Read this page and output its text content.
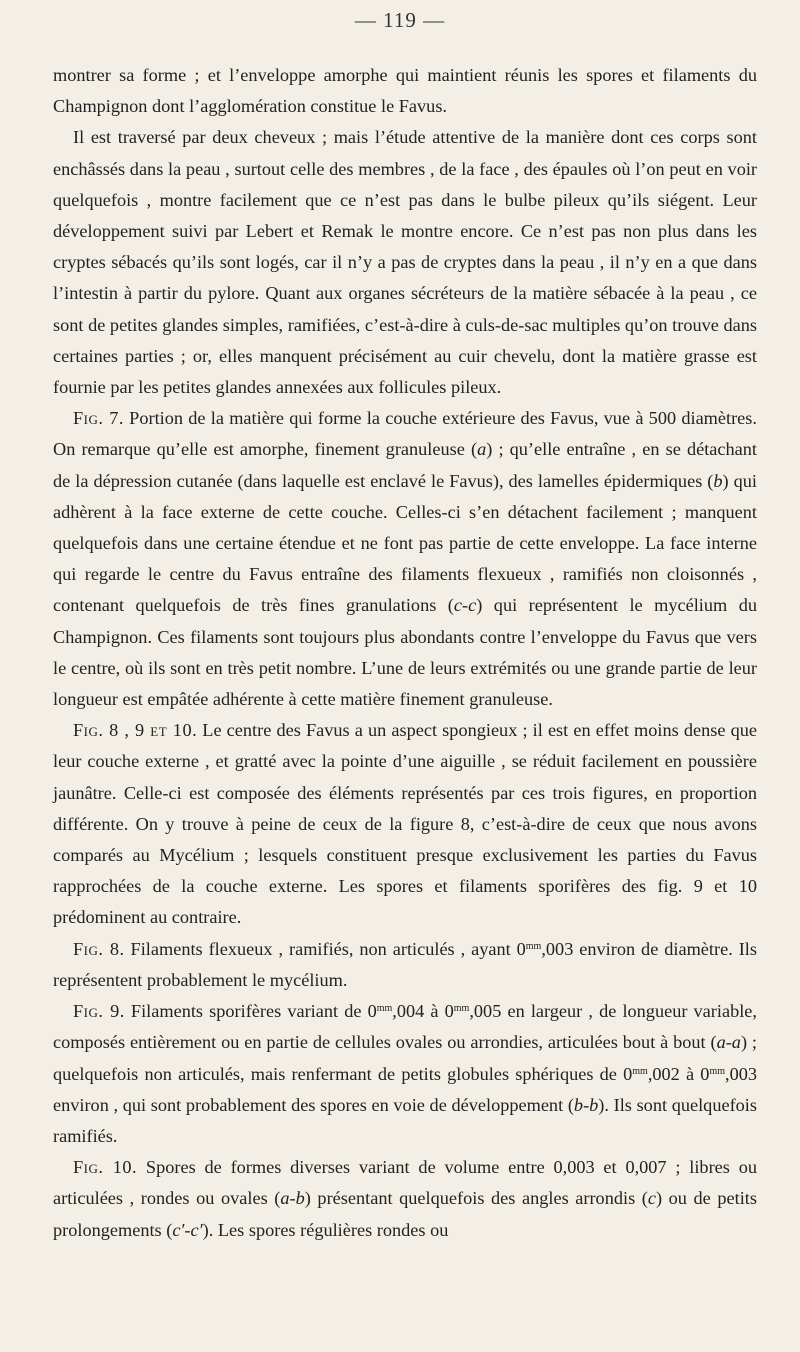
— 119 —

montrer sa forme ; et l’enveloppe amorphe qui maintient réunis les spores et filaments du Champignon dont l’agglomération constitue le Favus.

Il est traversé par deux cheveux ; mais l’étude attentive de la manière dont ces corps sont enchâssés dans la peau , surtout celle des membres , de la face , des épaules où l’on peut en voir quelquefois , montre facilement que ce n’est pas dans le bulbe pileux qu’ils siégent. Leur développement suivi par Lebert et Remak le montre encore. Ce n’est pas non plus dans les cryptes sébacés qu’ils sont logés, car il n’y a pas de cryptes dans la peau , il n’y en a que dans l’intestin à partir du pylore. Quant aux organes sécréteurs de la matière sébacée à la peau , ce sont de petites glandes simples, ramifiées, c’est-à-dire à culs-de-sac multiples qu’on trouve dans certaines parties ; or, elles manquent précisément au cuir chevelu, dont la matière grasse est fournie par les petites glandes annexées aux follicules pileux.

Fig. 7. Portion de la matière qui forme la couche extérieure des Favus, vue à 500 diamètres. On remarque qu’elle est amorphe, finement granuleuse (a) ; qu’elle entraîne , en se détachant de la dépression cutanée (dans laquelle est enclavé le Favus), des lamelles épidermiques (b) qui adhèrent à la face externe de cette couche. Celles-ci s’en détachent facilement ; manquent quelquefois dans une certaine étendue et ne font pas partie de cette enveloppe. La face interne qui regarde le centre du Favus entraîne des filaments flexueux , ramifiés non cloisonnés , contenant quelquefois de très fines granulations (c-c) qui représentent le mycélium du Champignon. Ces filaments sont toujours plus abondants contre l’enveloppe du Favus que vers le centre, où ils sont en très petit nombre. L’une de leurs extrémités ou une grande partie de leur longueur est empâtée adhérente à cette matière finement granuleuse.

Fig. 8 , 9 et 10. Le centre des Favus a un aspect spongieux ; il est en effet moins dense que leur couche externe , et gratté avec la pointe d’une aiguille , se réduit facilement en poussière jaunâtre. Celle-ci est composée des éléments représentés par ces trois figures, en proportion différente. On y trouve à peine de ceux de la figure 8, c’est-à-dire de ceux que nous avons comparés au Mycélium ; lesquels constituent presque exclusivement les parties du Favus rapprochées de la couche externe. Les spores et filaments sporifères des fig. 9 et 10 prédominent au contraire.

Fig. 8. Filaments flexueux , ramifiés, non articulés , ayant $0^{mm},003$ environ de diamètre. Ils représentent probablement le mycélium.

Fig. 9. Filaments sporifères variant de $0^{mm},004$ à $0^{mm},005$ en largeur , de longueur variable, composés entièrement ou en partie de cellules ovales ou arrondies, articulées bout à bout (a-a) ; quelquefois non articulés, mais renfermant de petits globules sphériques de $0^{mm},002$ à $0^{mm},003$ environ , qui sont probablement des spores en voie de développement (b-b). Ils sont quelquefois ramifiés.

Fig. 10. Spores de formes diverses variant de volume entre 0,003 et 0,007 ; libres ou articulées , rondes ou ovales (a-b) présentant quelquefois des angles arrondis (c) ou de petits prolongements (c′-c′). Les spores régulières rondes ou
